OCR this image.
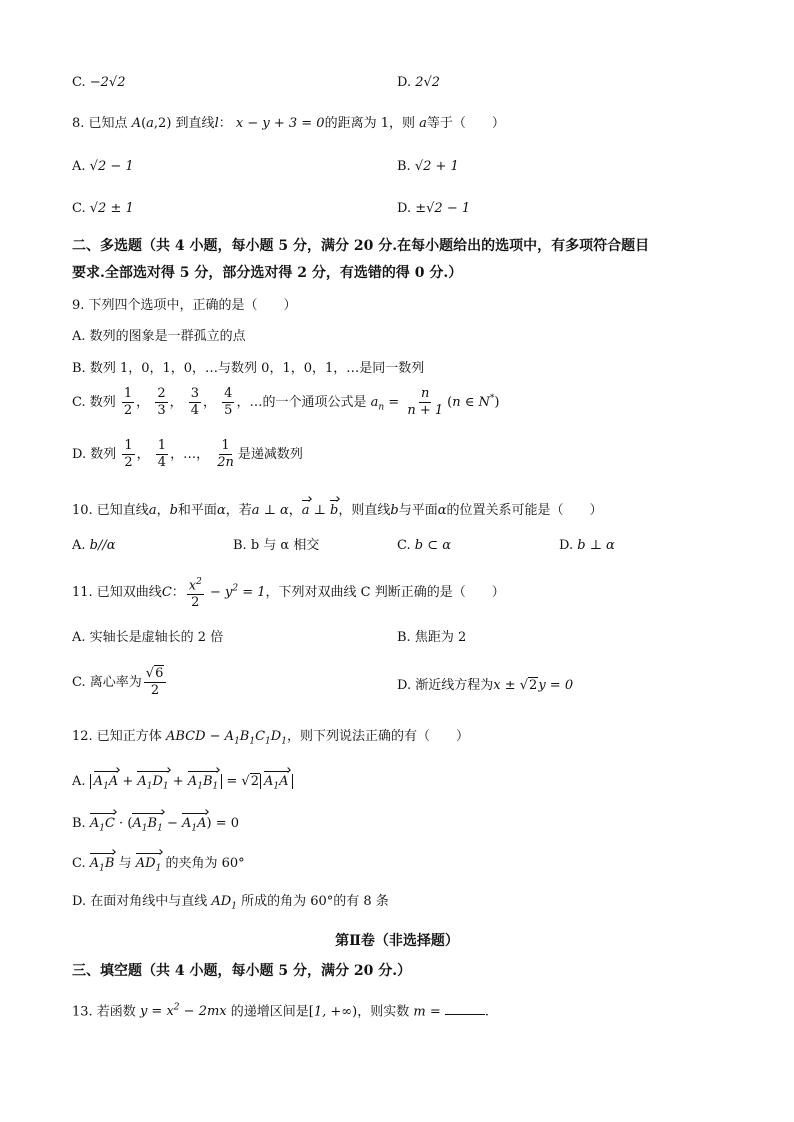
C. −2√2	D. 2√2
8. 已知点 A(a,2) 到直线l： x − y + 3 = 0的距离为 1，则 a等于（　　）
A. √2 − 1	B. √2 + 1
C. √2 ± 1	D. ±√2 − 1
二、多选题（共 4 小题，每小题 5 分，满分 20 分.在每小题给出的选项中，有多项符合题目
要求.全部选对得 5 分，部分选对得 2 分，有选错的得 0 分.）
9. 下列四个选项中，正确的是（　　）
A. 数列的图象是一群孤立的点
B. 数列 1，0，1，0，…与数列 0，1，0，1，…是同一数列
C. 数列 $\frac{1}{2}$ ， $\frac{2}{3}$ ， $\frac{3}{4}$ ， $\frac{4}{5}$ ，…的一个通项公式是 $a_n = \frac{n}{n + 1} (n$ ∈ N*)
D. 数列 $\frac{1}{2}$ ， $\frac{1}{4}$ ，…， $\frac{1}{2n}$ 是递减数列
10. 已知直线a，b和平面α，若a ⊥ α，a ⊥ b，则直线b与平面α的位置关系可能是（　　）
A. b//α	B. b 与 α 相交	C. b ⊂ α	D. b ⊥ α
11. 已知双曲线C： $\frac{x^2}{2} - y^2 = 1$，下列对双曲线 C 判断正确的是（　　）
A. 实轴长是虚轴长的 2 倍	B. 焦距为 2
C. 离心率为 $\frac{√6}{2}$	D. 渐近线方程为x ± √2y = 0
12. 已知正方体 ABCD − $A_1B_1C_1D_1$，则下列说法正确的有（　　）
A. $A_1A + A_1D_1 + A_1B_1 = √2$ $A_1A$
B. $A_1C \cdot (A_1B_1 - A_1A) = 0$
C. $A_1B$ 与 $AD_1$ 的夹角为 60°
D. 在面对角线中与直线 $AD_1$ 所成的角为 60°的有 8 条
第Ⅱ卷（非选择题）
三、填空题（共 4 小题，每小题 5 分，满分 20 分.）
13. 若函数 $y = x^2 - 2mx$ 的递增区间是[1, +∞)，则实数 m =	.
